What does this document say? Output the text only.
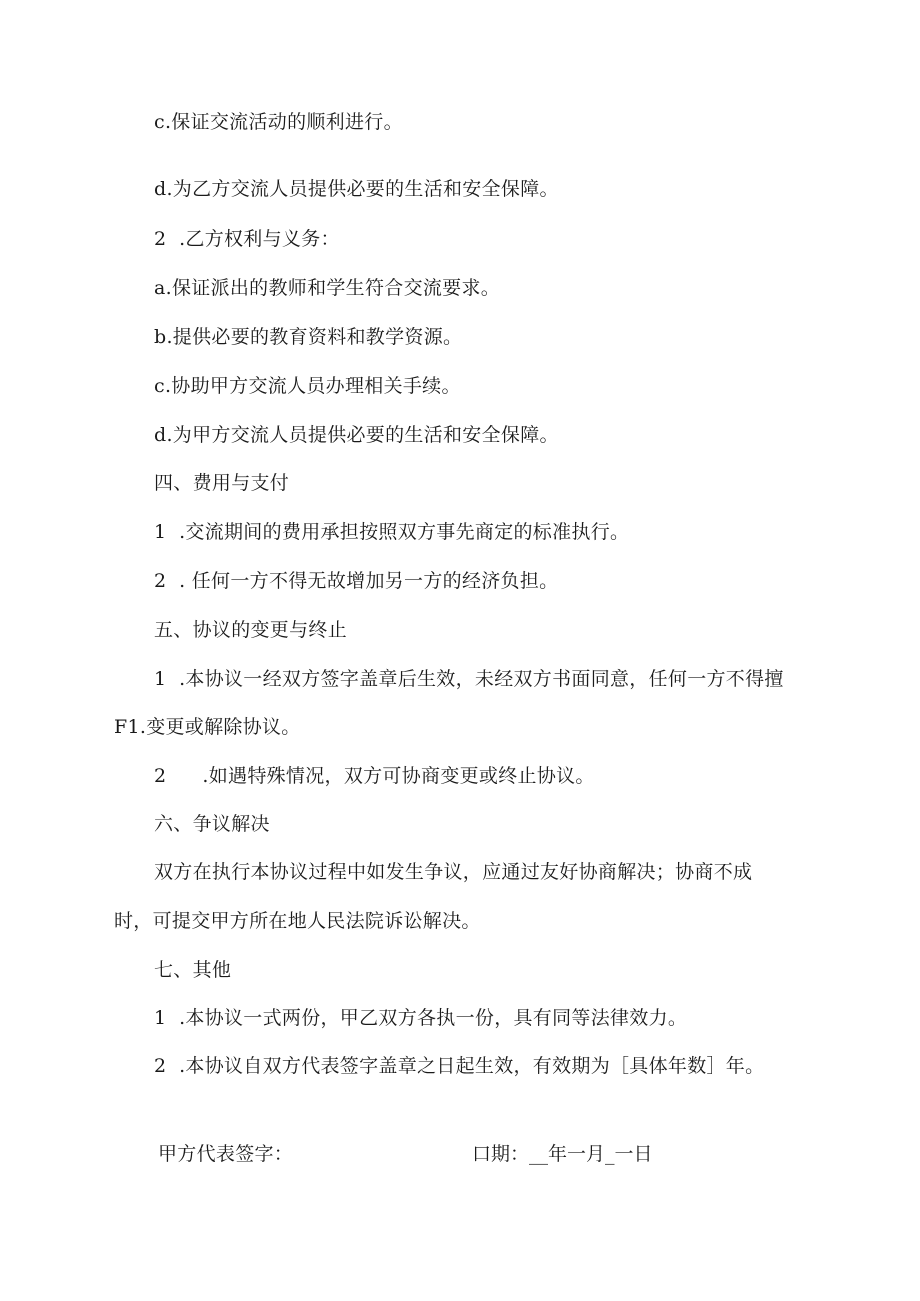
c.保证交流活动的顺利进行。
d.为乙方交流人员提供必要的生活和安全保障。
2  .乙方权利与义务：
a.保证派出的教师和学生符合交流要求。
b.提供必要的教育资料和教学资源。
c.协助甲方交流人员办理相关手续。
d.为甲方交流人员提供必要的生活和安全保障。
四、费用与支付
1  .交流期间的费用承担按照双方事先商定的标准执行。
2  . 任何一方不得无故增加另一方的经济负担。
五、协议的变更与终止
1  .本协议一经双方签字盖章后生效，未经双方书面同意，任何一方不得擅
F1.变更或解除协议。
2 .如遇特殊情况，双方可协商变更或终止协议。
六、争议解决
双方在执行本协议过程中如发生争议，应通过友好协商解决；协商不成
时，可提交甲方所在地人民法院诉讼解决。
七、其他
1  .本协议一式两份，甲乙双方各执一份，具有同等法律效力。
2  .本协议自双方代表签字盖章之日起生效，有效期为［具体年数］年。
甲方代表签字：	口期：__年一月_一日
